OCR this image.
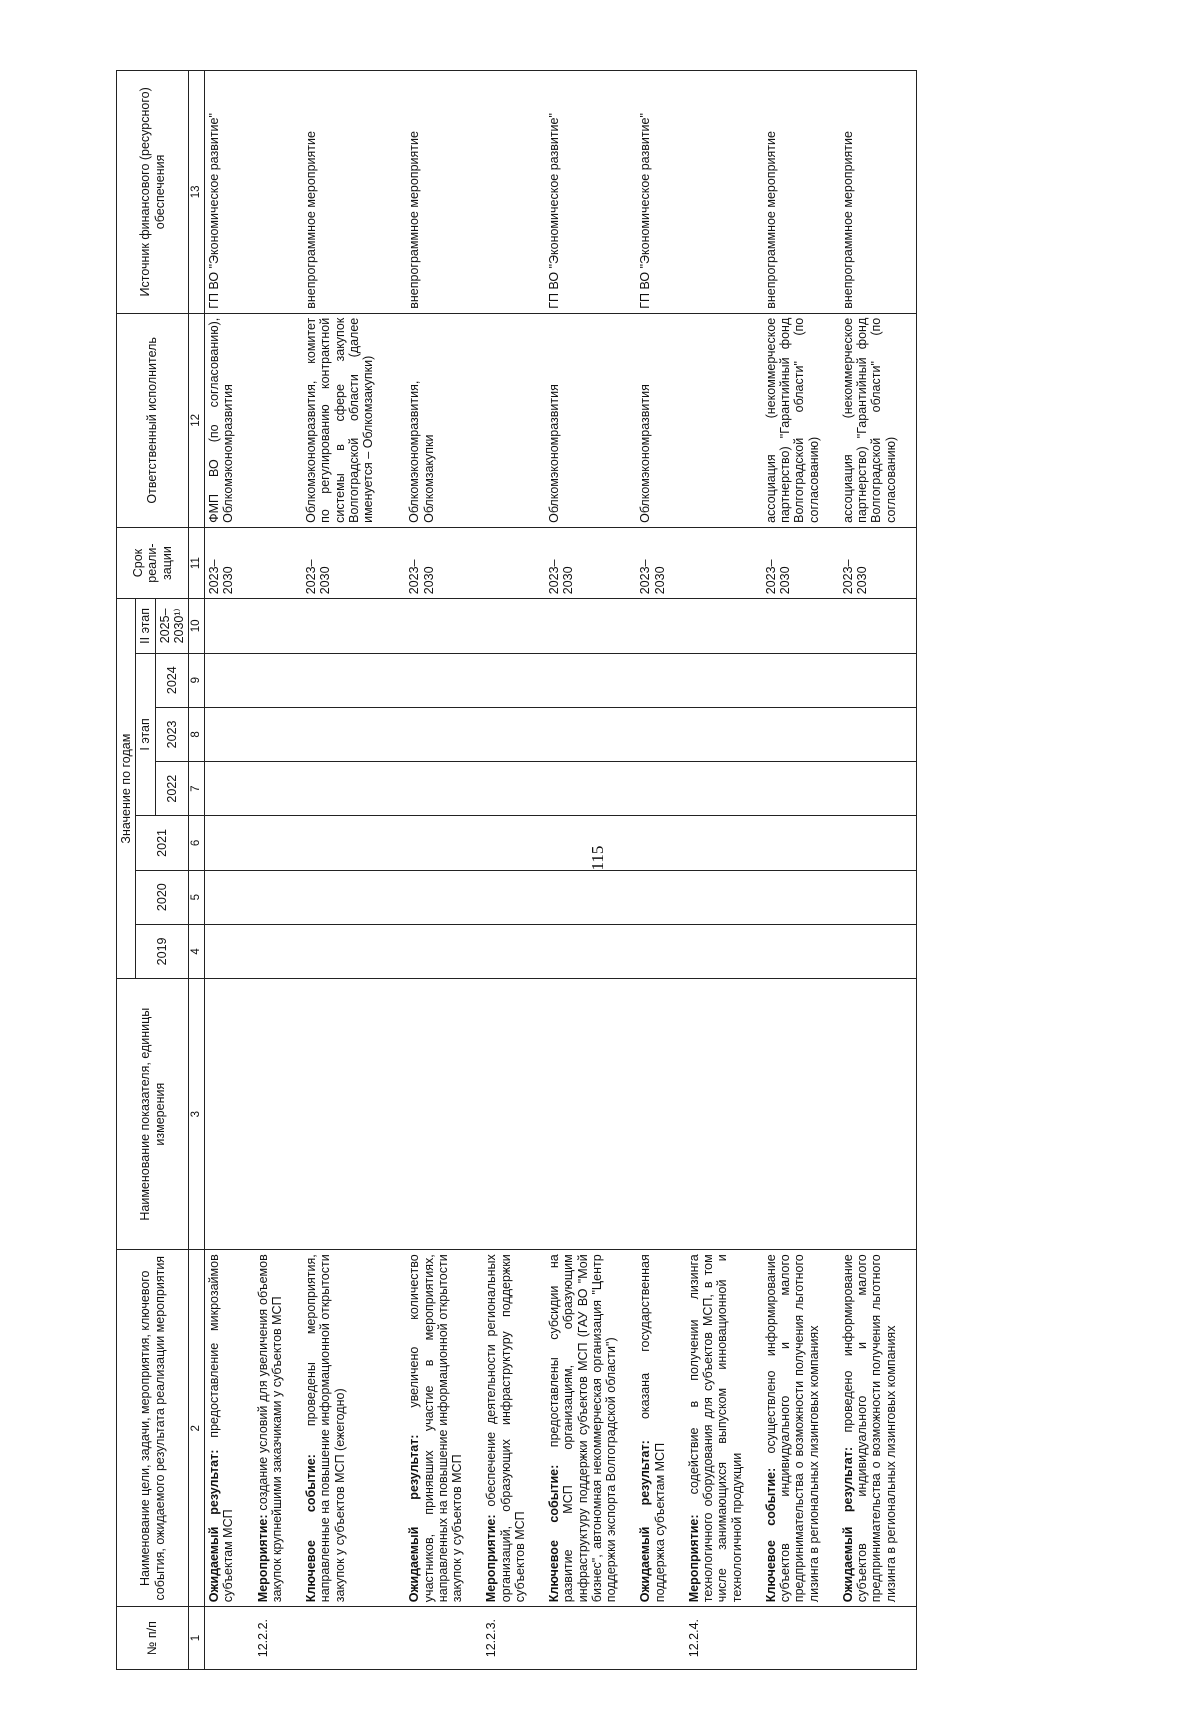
115
№ п/п	Наименование цели, задачи, мероприятия, ключевого события, ожидаемого результата реализации мероприятия	Наименование показателя, единицы измерения	Значение по годам							Срок реали-зации	Ответственный исполнитель	Источник финансового (ресурсного) обеспечения
			2019	2020	2021	I этап			II этап			
						2022	2023	2024	2025–2030¹⁾			
1	2	3	4	5	6	7	8	9	10	11	12	13
	Ожидаемый результат: предоставление микрозаймов субъектам МСП									2023–2030	ФМП ВО (по согласованию), Облкомэкономразвития	ГП ВО "Экономическое развитие"
12.2.2.	Мероприятие: создание условий для увеличения объемов закупок крупнейшими заказчиками у субъектов МСП											
	Ключевое событие: проведены мероприятия, направленные на повышение информационной открытости закупок у субъектов МСП (ежегодно)									2023–2030	Облкомэкономразвития, комитет по регулированию контрактной системы в сфере закупок Волгоградской области (далее именуется – Облкомзакупки)	внепрограммное мероприятие
	Ожидаемый результат: увеличено количество участников, принявших участие в мероприятиях, направленных на повышение информационной открытости закупок у субъектов МСП									2023–2030	Облкомэкономразвития, Облкомзакупки	внепрограммное мероприятие
12.2.3.	Мероприятие: обеспечение деятельности региональных организаций, образующих инфраструктуру поддержки субъектов МСП											
	Ключевое событие: предоставлены субсидии на развитие МСП организациям, образующим инфраструктуру поддержки субъектов МСП (ГАУ ВО "Мой бизнес", автономная некоммерческая организация "Центр поддержки экспорта Волгоградской области")									2023–2030	Облкомэкономразвития	ГП ВО "Экономическое развитие"
	Ожидаемый результат: оказана государственная поддержка субъектам МСП									2023–2030	Облкомэкономразвития	ГП ВО "Экономическое развитие"
12.2.4.	Мероприятие: содействие в получении лизинга технологичного оборудования для субъектов МСП, в том числе занимающихся выпуском инновационной и технологичной продукции											
	Ключевое событие: осуществлено информирование субъектов индивидуального и малого предпринимательства о возможности получения льготного лизинга в региональных лизинговых компаниях									2023–2030	ассоциация (некоммерческое партнерство) "Гарантийный фонд Волгоградской области" (по согласованию)	внепрограммное мероприятие
	Ожидаемый результат: проведено информирование субъектов индивидуального и малого предпринимательства о возможности получения льготного лизинга в региональных лизинговых компаниях									2023–2030	ассоциация (некоммерческое партнерство) "Гарантийный фонд Волгоградской области" (по согласованию)	внепрограммное мероприятие
